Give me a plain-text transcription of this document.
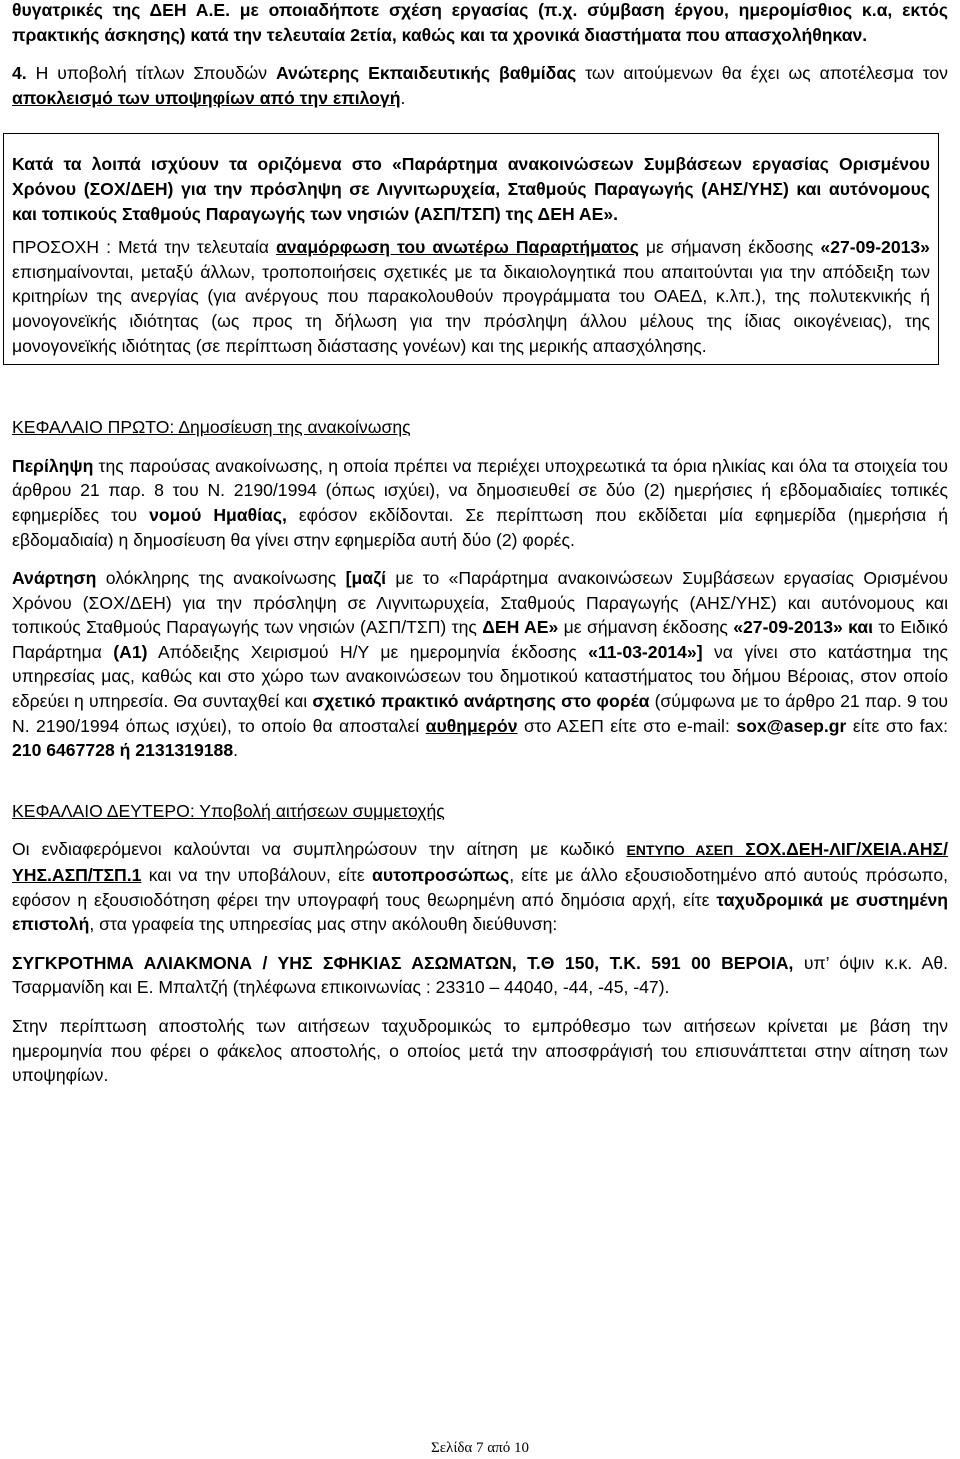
θυγατρικές της ΔΕΗ Α.Ε. με οποιαδήποτε σχέση εργασίας (π.χ. σύμβαση έργου, ημερομίσθιος κ.α, εκτός πρακτικής άσκησης) κατά την τελευταία 2ετία, καθώς και τα χρονικά διαστήματα που απασχολήθηκαν.

4. Η υποβολή τίτλων Σπουδών Ανώτερης Εκπαιδευτικής βαθμίδας των αιτούμενων θα έχει ως αποτέλεσμα τον αποκλεισμό των υποψηφίων από την επιλογή.

Κατά τα λοιπά ισχύουν τα οριζόμενα στο «Παράρτημα ανακοινώσεων Συμβάσεων εργασίας Ορισμένου Χρόνου (ΣΟΧ/ΔΕΗ) για την πρόσληψη σε Λιγνιτωρυχεία, Σταθμούς Παραγωγής (ΑΗΣ/ΥΗΣ) και αυτόνομους και τοπικούς Σταθμούς Παραγωγής των νησιών (ΑΣΠ/ΤΣΠ) της ΔΕΗ ΑΕ».

ΠΡΟΣΟΧΗ : Μετά την τελευταία αναμόρφωση του ανωτέρω Παραρτήματος με σήμανση έκδοσης «27-09-2013» επισημαίνονται, μεταξύ άλλων, τροποποιήσεις σχετικές με τα δικαιολογητικά που απαιτούνται για την απόδειξη των κριτηρίων της ανεργίας (για ανέργους που παρακολουθούν προγράμματα του ΟΑΕΔ, κ.λπ.), της πολυτεκνικής ή μονογονεϊκής ιδιότητας (ως προς τη δήλωση για την πρόσληψη άλλου μέλους της ίδιας οικογένειας), της μονογονεϊκής ιδιότητας (σε περίπτωση διάστασης γονέων) και της μερικής απασχόλησης.

ΚΕΦΑΛΑΙΟ ΠΡΩΤΟ: Δημοσίευση της ανακοίνωσης

Περίληψη της παρούσας ανακοίνωσης, η οποία πρέπει να περιέχει υποχρεωτικά τα όρια ηλικίας και όλα τα στοιχεία του άρθρου 21 παρ. 8 του Ν. 2190/1994 (όπως ισχύει), να δημοσιευθεί σε δύο (2) ημερήσιες ή εβδομαδιαίες τοπικές εφημερίδες του νομού Ημαθίας, εφόσον εκδίδονται. Σε περίπτωση που εκδίδεται μία εφημερίδα (ημερήσια ή εβδομαδιαία) η δημοσίευση θα γίνει στην εφημερίδα αυτή δύο (2) φορές.

Ανάρτηση ολόκληρης της ανακοίνωσης [μαζί με το «Παράρτημα ανακοινώσεων Συμβάσεων εργασίας Ορισμένου Χρόνου (ΣΟΧ/ΔΕΗ) για την πρόσληψη σε Λιγνιτωρυχεία, Σταθμούς Παραγωγής (ΑΗΣ/ΥΗΣ) και αυτόνομους και τοπικούς Σταθμούς Παραγωγής των νησιών (ΑΣΠ/ΤΣΠ) της ΔΕΗ ΑΕ» με σήμανση έκδοσης «27-09-2013» και το Ειδικό Παράρτημα (Α1) Απόδειξης Χειρισμού Η/Υ με ημερομηνία έκδοσης «11-03-2014»] να γίνει στο κατάστημα της υπηρεσίας μας, καθώς και στο χώρο των ανακοινώσεων του δημοτικού καταστήματος του δήμου Βέροιας, στον οποίο εδρεύει η υπηρεσία. Θα συνταχθεί και σχετικό πρακτικό ανάρτησης στο φορέα (σύμφωνα με το άρθρο 21 παρ. 9 του Ν. 2190/1994 όπως ισχύει), το οποίο θα αποσταλεί αυθημερόν στο ΑΣΕΠ είτε στο e-mail: sox@asep.gr είτε στο fax: 210 6467728 ή 2131319188.

ΚΕΦΑΛΑΙΟ ΔΕΥΤΕΡΟ: Υποβολή αιτήσεων συμμετοχής

Οι ενδιαφερόμενοι καλούνται να συμπληρώσουν την αίτηση με κωδικό ΕΝΤΥΠΟ ΑΣΕΠ ΣΟΧ.ΔΕΗ-ΛΙΓ/ΧΕΙΑ.ΑΗΣ/ΥΗΣ.ΑΣΠ/ΤΣΠ.1 και να την υποβάλουν, είτε αυτοπροσώπως, είτε με άλλο εξουσιοδοτημένο από αυτούς πρόσωπο, εφόσον η εξουσιοδότηση φέρει την υπογραφή τους θεωρημένη από δημόσια αρχή, είτε ταχυδρομικά με συστημένη επιστολή, στα γραφεία της υπηρεσίας μας στην ακόλουθη διεύθυνση:

ΣΥΓΚΡΟΤΗΜΑ ΑΛΙΑΚΜΟΝΑ / ΥΗΣ ΣΦΗΚΙΑΣ ΑΣΩΜΑΤΩΝ, Τ.Θ 150, Τ.Κ. 591 00 ΒΕΡΟΙΑ, υπ’ όψιν κ.κ. Αθ. Τσαρμανίδη και Ε. Μπαλτζή (τηλέφωνα επικοινωνίας : 23310 – 44040, -44, -45, -47).

Στην περίπτωση αποστολής των αιτήσεων ταχυδρομικώς το εμπρόθεσμο των αιτήσεων κρίνεται με βάση την ημερομηνία που φέρει ο φάκελος αποστολής, ο οποίος μετά την αποσφράγισή του επισυνάπτεται στην αίτηση των υποψηφίων.

Σελίδα 7 από 10
